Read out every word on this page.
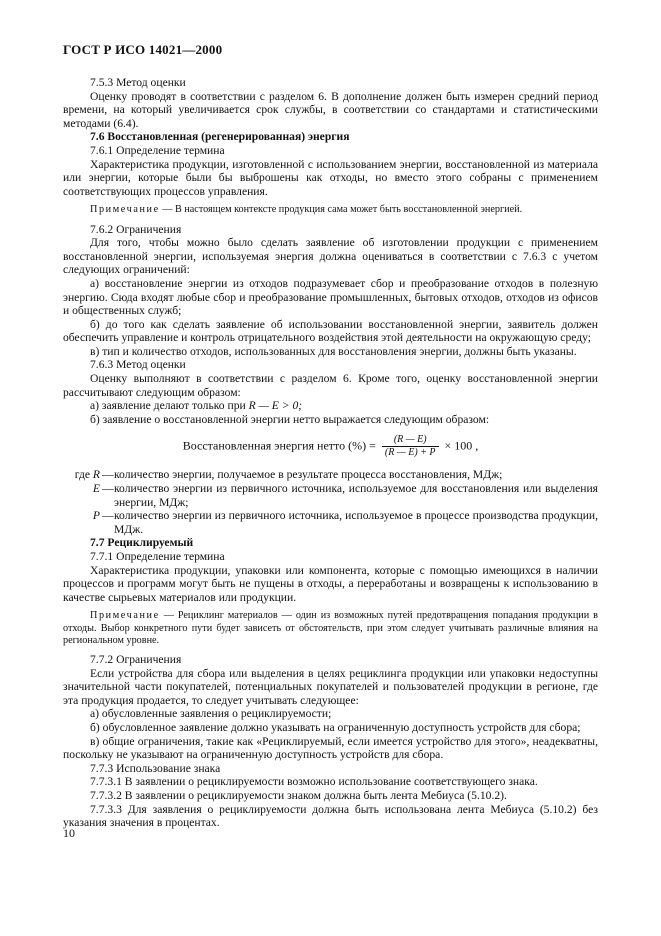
ГОСТ Р ИСО 14021—2000

7.5.3 Метод оценки

Оценку проводят в соответствии с разделом 6. В дополнение должен быть измерен средний период времени, на который увеличивается срок службы, в соответствии со стандартами и статистическими методами (6.4).

7.6 Восстановленная (регенерированная) энергия

7.6.1 Определение термина

Характеристика продукции, изготовленной с использованием энергии, восстановленной из материала или энергии, которые были бы выброшены как отходы, но вместо этого собраны с применением соответствующих процессов управления.

Примечание — В настоящем контексте продукция сама может быть восстановленной энергией.

7.6.2 Ограничения

Для того, чтобы можно было сделать заявление об изготовлении продукции с применением восстановленной энергии, используемая энергия должна оцениваться в соответствии с 7.6.3 с учетом следующих ограничений:

а) восстановление энергии из отходов подразумевает сбор и преобразование отходов в полезную энергию. Сюда входят любые сбор и преобразование промышленных, бытовых отходов, отходов из офисов и общественных служб;

б) до того как сделать заявление об использовании восстановленной энергии, заявитель должен обеспечить управление и контроль отрицательного воздействия этой деятельности на окружающую среду;

в) тип и количество отходов, использованных для восстановления энергии, должны быть указаны.

7.6.3 Метод оценки

Оценку выполняют в соответствии с разделом 6. Кроме того, оценку восстановленной энергии рассчитывают следующим образом:

а) заявление делают только при R — E > 0;

б) заявление о восстановленной энергии нетто выражается следующим образом:

Восстановленная энергия нетто (%) = $\frac{(R — E)}{(R — E) + P} \times 100$ ,

где R — количество энергии, получаемое в результате процесса восстановления, МДж;
E — количество энергии из первичного источника, используемое для восстановления или выделения энергии, МДж;
P — количество энергии из первичного источника, используемое в процессе производства продукции, МДж.

7.7 Рециклируемый

7.7.1 Определение термина

Характеристика продукции, упаковки или компонента, которые с помощью имеющихся в наличии процессов и программ могут быть не пущены в отходы, а переработаны и возвращены к использованию в качестве сырьевых материалов или продукции.

Примечание — Рециклинг материалов — один из возможных путей предотвращения попадания продукции в отходы. Выбор конкретного пути будет зависеть от обстоятельств, при этом следует учитывать различные влияния на региональном уровне.

7.7.2 Ограничения

Если устройства для сбора или выделения в целях рециклинга продукции или упаковки недоступны значительной части покупателей, потенциальных покупателей и пользователей продукции в регионе, где эта продукция продается, то следует учитывать следующее:

а) обусловленные заявления о рециклируемости;

б) обусловленное заявление должно указывать на ограниченную доступность устройств для сбора;

в) общие ограничения, такие как «Рециклируемый, если имеется устройство для этого», неадекватны, поскольку не указывают на ограниченную доступность устройств для сбора.

7.7.3 Использование знака

7.7.3.1 В заявлении о рециклируемости возможно использование соответствующего знака.

7.7.3.2 В заявлении о рециклируемости знаком должна быть лента Мебиуса (5.10.2).

7.7.3.3 Для заявления о рециклируемости должна быть использована лента Мебиуса (5.10.2) без указания значения в процентах.

10
